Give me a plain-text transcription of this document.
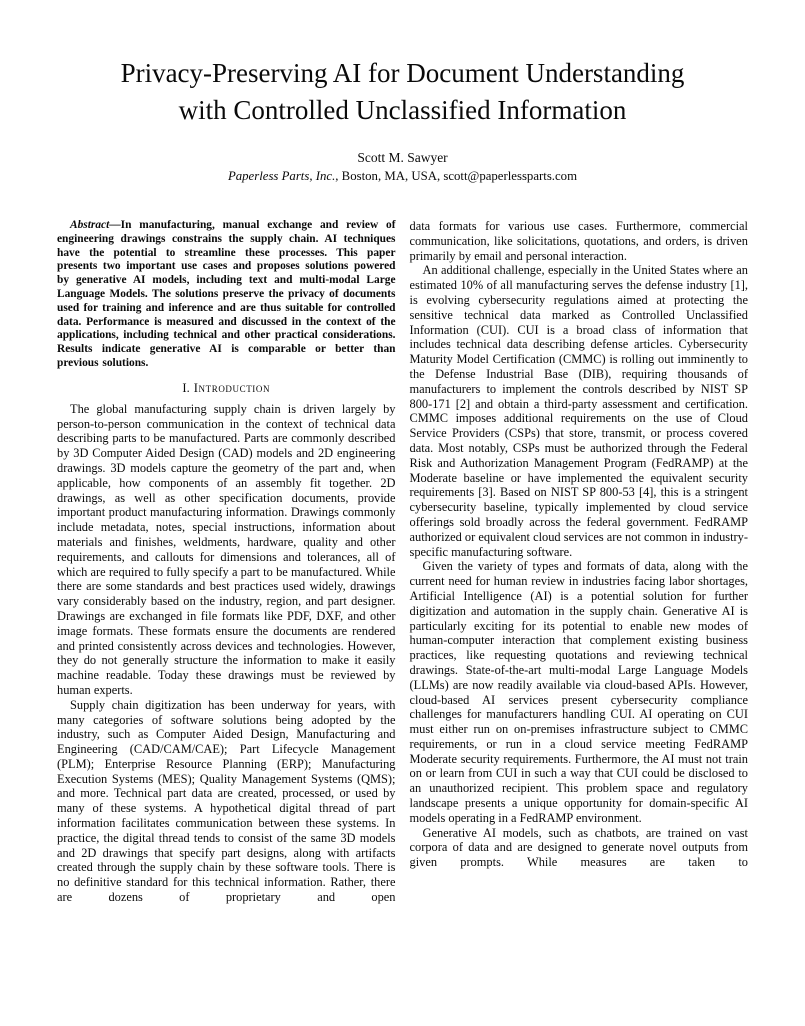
Privacy-Preserving AI for Document Understanding
with Controlled Unclassified Information
Scott M. Sawyer
Paperless Parts, Inc., Boston, MA, USA, scott@paperlessparts.com

Abstract—In manufacturing, manual exchange and review of engineering drawings constrains the supply chain. AI techniques have the potential to streamline these processes. This paper presents two important use cases and proposes solutions powered by generative AI models, including text and multi-modal Large Language Models. The solutions preserve the privacy of documents used for training and inference and are thus suitable for controlled data. Performance is measured and discussed in the context of the applications, including technical and other practical considerations. Results indicate generative AI is comparable or better than previous solutions.

I. Introduction

The global manufacturing supply chain is driven largely by person-to-person communication in the context of technical data describing parts to be manufactured. Parts are commonly described by 3D Computer Aided Design (CAD) models and 2D engineering drawings. 3D models capture the geometry of the part and, when applicable, how components of an assembly fit together. 2D drawings, as well as other specification documents, provide important product manufacturing information. Drawings commonly include metadata, notes, special instructions, information about materials and finishes, weldments, hardware, quality and other requirements, and callouts for dimensions and tolerances, all of which are required to fully specify a part to be manufactured. While there are some standards and best practices used widely, drawings vary considerably based on the industry, region, and part designer. Drawings are exchanged in file formats like PDF, DXF, and other image formats. These formats ensure the documents are rendered and printed consistently across devices and technologies. However, they do not generally structure the information to make it easily machine readable. Today these drawings must be reviewed by human experts.

Supply chain digitization has been underway for years, with many categories of software solutions being adopted by the industry, such as Computer Aided Design, Manufacturing and Engineering (CAD/CAM/CAE); Part Lifecycle Management (PLM); Enterprise Resource Planning (ERP); Manufacturing Execution Systems (MES); Quality Management Systems (QMS); and more. Technical part data are created, processed, or used by many of these systems. A hypothetical digital thread of part information facilitates communication between these systems. In practice, the digital thread tends to consist of the same 3D models and 2D drawings that specify part designs, along with artifacts created through the supply chain by these software tools. There is no definitive standard for this technical information. Rather, there are dozens of proprietary and open

data formats for various use cases. Furthermore, commercial communication, like solicitations, quotations, and orders, is driven primarily by email and personal interaction.

An additional challenge, especially in the United States where an estimated 10% of all manufacturing serves the defense industry [1], is evolving cybersecurity regulations aimed at protecting the sensitive technical data marked as Controlled Unclassified Information (CUI). CUI is a broad class of information that includes technical data describing defense articles. Cybersecurity Maturity Model Certification (CMMC) is rolling out imminently to the Defense Industrial Base (DIB), requiring thousands of manufacturers to implement the controls described by NIST SP 800-171 [2] and obtain a third-party assessment and certification. CMMC imposes additional requirements on the use of Cloud Service Providers (CSPs) that store, transmit, or process covered data. Most notably, CSPs must be authorized through the Federal Risk and Authorization Management Program (FedRAMP) at the Moderate baseline or have implemented the equivalent security requirements [3]. Based on NIST SP 800-53 [4], this is a stringent cybersecurity baseline, typically implemented by cloud service offerings sold broadly across the federal government. FedRAMP authorized or equivalent cloud services are not common in industry-specific manufacturing software.

Given the variety of types and formats of data, along with the current need for human review in industries facing labor shortages, Artificial Intelligence (AI) is a potential solution for further digitization and automation in the supply chain. Generative AI is particularly exciting for its potential to enable new modes of human-computer interaction that complement existing business practices, like requesting quotations and reviewing technical drawings. State-of-the-art multi-modal Large Language Models (LLMs) are now readily available via cloud-based APIs. However, cloud-based AI services present cybersecurity compliance challenges for manufacturers handling CUI. AI operating on CUI must either run on on-premises infrastructure subject to CMMC requirements, or run in a cloud service meeting FedRAMP Moderate security requirements. Furthermore, the AI must not train on or learn from CUI in such a way that CUI could be disclosed to an unauthorized recipient. This problem space and regulatory landscape presents a unique opportunity for domain-specific AI models operating in a FedRAMP environment.

Generative AI models, such as chatbots, are trained on vast corpora of data and are designed to generate novel outputs from given prompts. While measures are taken to
